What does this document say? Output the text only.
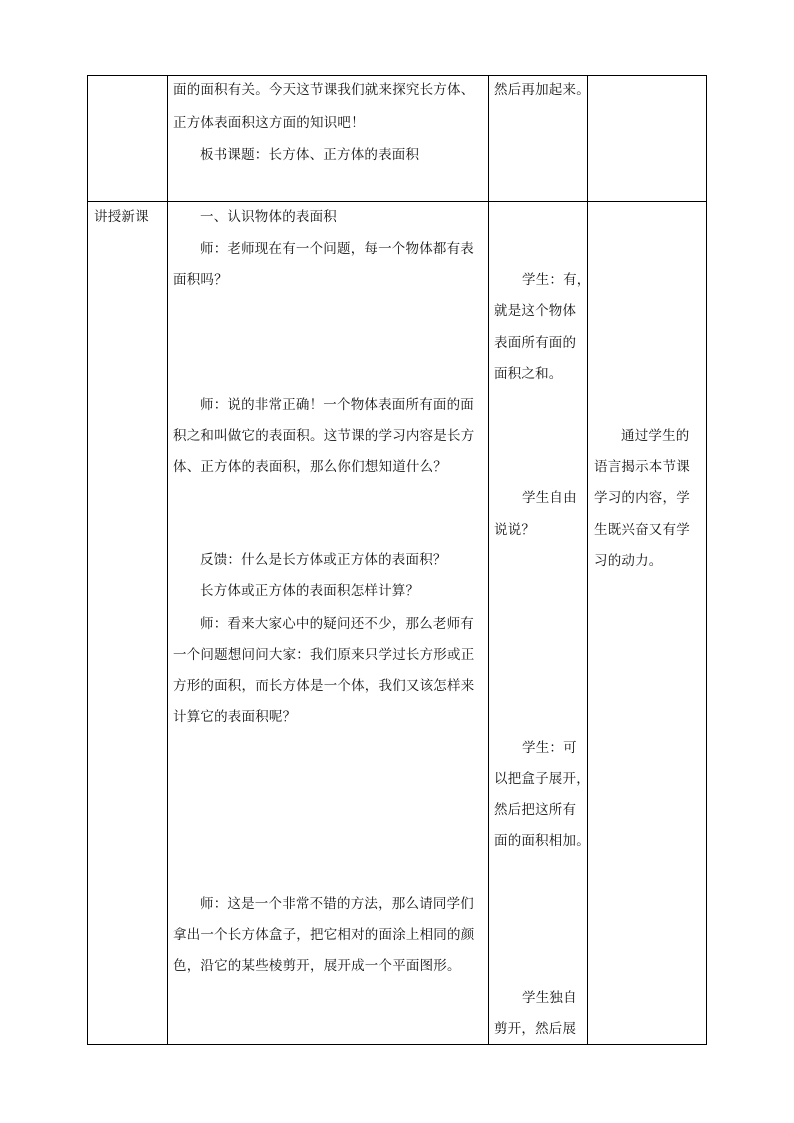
面的面积有关。今天这节课我们就来探究长方体、
正方体表面积这方面的知识吧！
板书课题：长方体、正方体的表面积
然后再加起来。
讲授新课	一、认识物体的表面积
师：老师现在有一个问题，每一个物体都有表
面积吗？
师：说的非常正确！一个物体表面所有面的面
积之和叫做它的表面积。这节课的学习内容是长方
体、正方体的表面积，那么你们想知道什么？
反馈：什么是长方体或正方体的表面积？
长方体或正方体的表面积怎样计算？
师：看来大家心中的疑问还不少，那么老师有
一个问题想问问大家：我们原来只学过长方形或正
方形的面积，而长方体是一个体，我们又该怎样来
计算它的表面积呢？
师：这是一个非常不错的方法，那么请同学们
拿出一个长方体盒子，把它相对的面涂上相同的颜
色，沿它的某些棱剪开，展开成一个平面图形。
学生：有，
就是这个物体
表面所有面的
面积之和。
学生自由
说说？
学生：可
以把盒子展开，
然后把这所有
面的面积相加。
学生独自
剪开，然后展
通过学生的
语言揭示本节课
学习的内容，学
生既兴奋又有学
习的动力。
